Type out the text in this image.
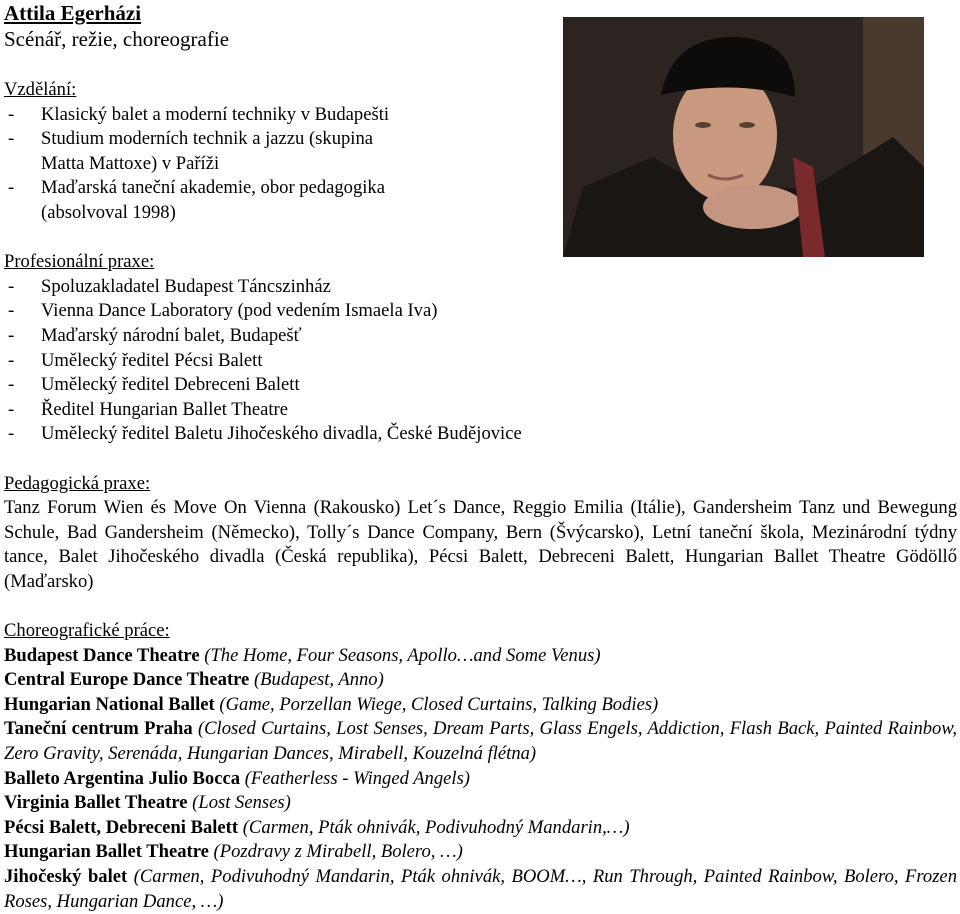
Attila Egerházi
Scénář, režie, choreografie
Vzdělání:
- Klasický balet a moderní techniky v Budapešti
- Studium moderních technik a jazzu (skupina Matta Mattoxe) v Paříži
- Maďarská taneční akademie, obor pedagogika (absolvoval 1998)
Profesionální praxe:
- Spoluzakladatel Budapest Táncszinház
- Vienna Dance Laboratory (pod vedením Ismaela Iva)
- Maďarský národní balet, Budapešť
- Umělecký ředitel Pécsi Balett
- Umělecký ředitel Debreceni Balett
- Ředitel Hungarian Ballet Theatre
- Umělecký ředitel Baletu Jihočeského divadla, České Budějovice
Pedagogická praxe:
Tanz Forum Wien és Move On Vienna (Rakousko) Let´s Dance, Reggio Emilia (Itálie), Gandersheim Tanz und Bewegung Schule, Bad Gandersheim (Německo), Tolly´s Dance Company, Bern (Švýcarsko), Letní taneční škola, Mezinárodní týdny tance, Balet Jihočeského divadla (Česká republika), Pécsi Balett, Debreceni Balett, Hungarian Ballet Theatre Gödöllő (Maďarsko)
Choreografické práce:
Budapest Dance Theatre (The Home, Four Seasons, Apollo…and Some Venus)
Central Europe Dance Theatre (Budapest, Anno)
Hungarian National Ballet (Game, Porzellan Wiege, Closed Curtains, Talking Bodies)
Taneční centrum Praha (Closed Curtains, Lost Senses, Dream Parts, Glass Engels, Addiction, Flash Back, Painted Rainbow, Zero Gravity, Serenáda, Hungarian Dances, Mirabell, Kouzelná flétna)
Balleto Argentina Julio Bocca (Featherless - Winged Angels)
Virginia Ballet Theatre (Lost Senses)
Pécsi Balett, Debreceni Balett (Carmen, Pták ohnivák, Podivuhodný Mandarin,…)
Hungarian Ballet Theatre (Pozdravy z Mirabell, Bolero, …)
Jihočeský balet (Carmen, Podivuhodný Mandarin, Pták ohnivák, BOOM…, Run Through, Painted Rainbow, Bolero, Frozen Roses, Hungarian Dance, …)
